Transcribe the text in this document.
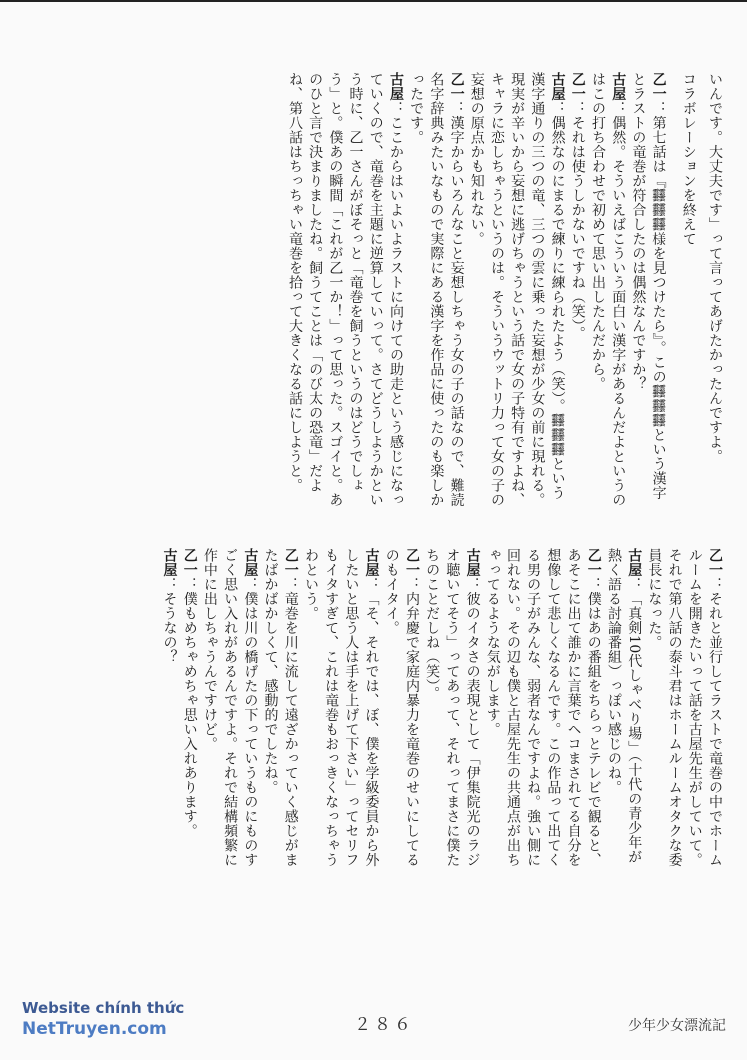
いんです。大丈夫です」って言ってあげたかったんですよ。

コラボレーションを終えて

乙一：第七話は『𩇔𩇔𩇔様を見つけたら』。この𩇔𩇔𩇔という漢字とラストの竜巻が符合したのは偶然なんですか？

古屋：偶然。そういえばこういう面白い漢字があるんだよというのはこの打ち合わせで初めて思い出したんだから。

乙一：それは使うしかないですね（笑）。

古屋：偶然なのにまるで練りに練られたよう（笑）。𩇔𩇔𩇔という漢字通りの三つの竜、三つの雲に乗った妄想が少女の前に現れる。現実が辛いから妄想に逃げちゃうという話で女の子特有ですよね、キャラに恋しちゃうというのは。そういうウットリ力って女の子の妄想の原点かも知れない。

乙一：漢字からいろんなこと妄想しちゃう女の子の話なので、難読名字辞典みたいなもので実際にある漢字を作品に使ったのも楽しかったです。

古屋：ここからはいよいよラストに向けての助走という感じになっていくので、竜巻を主題に逆算していって。さてどうしようかという時に、乙一さんがぼそっと「竜巻を飼うというのはどうでしょう」と。僕あの瞬間「これが乙一か！」って思った。スゴイと。あのひと言で決まりましたね。飼うてことは「のび太の恐竜」だよね、第八話はちっちゃい竜巻を拾って大きくなる話にしようと。

乙一：それと並行してラストで竜巻の中でホームルームを開きたいって話を古屋先生がしていて。それで第八話の泰斗君はホームルームオタクな委員長になった。

古屋：「真剣10代しゃべり場」（十代の青少年が熱く語る討論番組）っぽい感じのね。

乙一：僕はあの番組をちらっとテレビで観ると、あそこに出て誰かに言葉でヘコまされてる自分を想像して悲しくなるんです。この作品って出てくる男の子がみんな、弱者なんですよね。強い側に回れない。その辺も僕と古屋先生の共通点が出ちゃってるような気がします。

古屋：彼のイタさの表現として「伊集院光のラジオ聴いてそう」ってあって、それってまさに僕たちのことだしね（笑）。

乙一：内弁慶で家庭内暴力を竜巻のせいにしてるのもイタイ。

古屋：「そ、それでは、ぼ、僕を学級委員から外したいと思う人は手を上げて下さい」ってセリフもイタすぎて、これは竜巻もおっきくなっちゃうわという。

乙一：竜巻を川に流して遠ざかっていく感じがまたばかばかしくて、感動的でしたね。

古屋：僕は川の橋げたの下っていうものにものすごく思い入れがあるんですよ。それで結構頻繁に作中に出しちゃうんですけど。

乙一：僕もめちゃめちゃ思い入れあります。

古屋：そうなの？

Website chính thức
NetTruyen.com	２８６	少年少女漂流記
